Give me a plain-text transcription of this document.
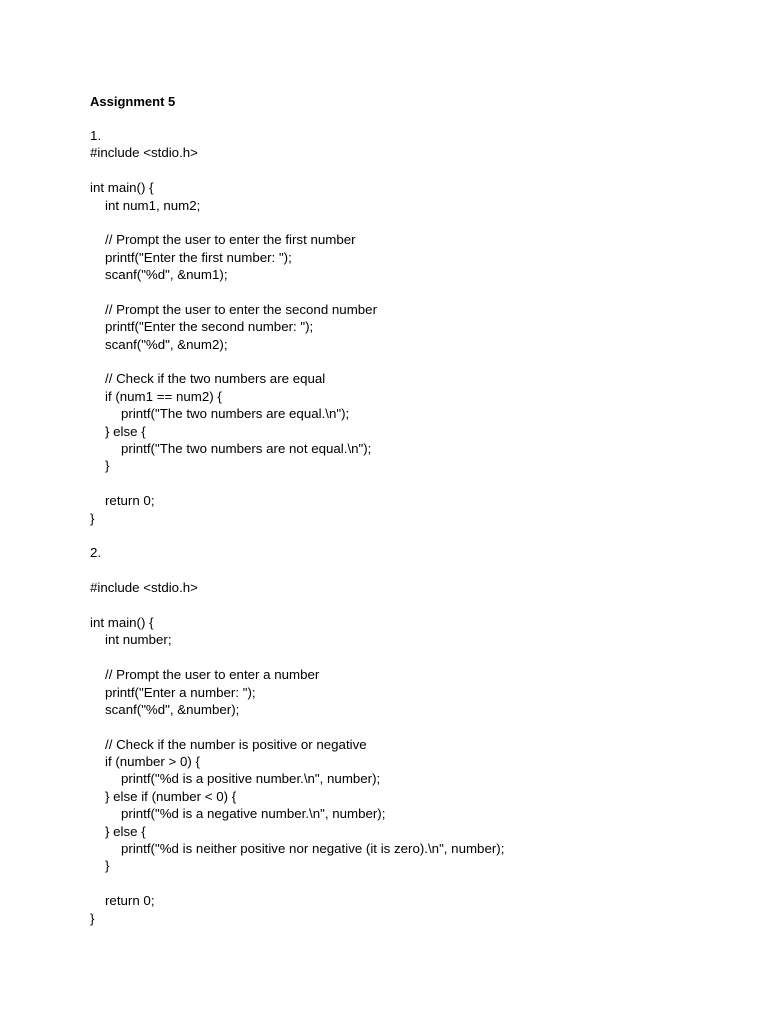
Assignment 5
1.
#include <stdio.h>
int main() {
int num1, num2;
// Prompt the user to enter the first number
printf("Enter the first number: ");
scanf("%d", &num1);
// Prompt the user to enter the second number
printf("Enter the second number: ");
scanf("%d", &num2);
// Check if the two numbers are equal
if (num1 == num2) {
printf("The two numbers are equal.\n");
} else {
printf("The two numbers are not equal.\n");
}
return 0;
}
2.
#include <stdio.h>
int main() {
int number;
// Prompt the user to enter a number
printf("Enter a number: ");
scanf("%d", &number);
// Check if the number is positive or negative
if (number > 0) {
printf("%d is a positive number.\n", number);
} else if (number < 0) {
printf("%d is a negative number.\n", number);
} else {
printf("%d is neither positive nor negative (it is zero).\n", number);
}
return 0;
}
